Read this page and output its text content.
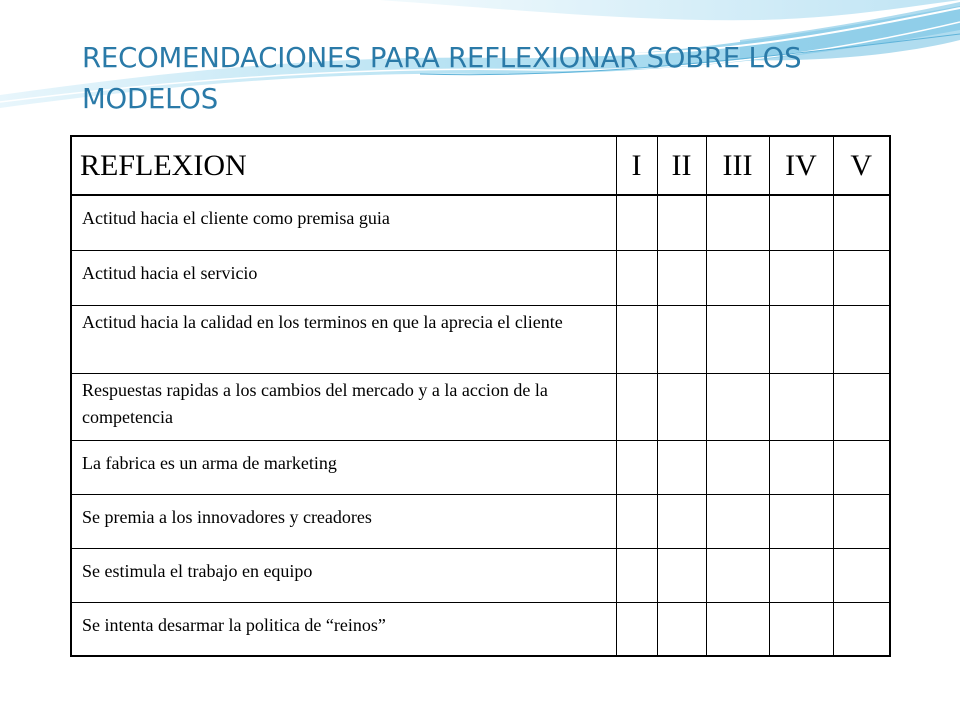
RECOMENDACIONES PARA REFLEXIONAR SOBRE LOS MODELOS
REFLEXION	I	II	III	IV	V
Actitud hacia el cliente como premisa guia					
Actitud hacia el servicio					
Actitud hacia la calidad en los terminos en que la aprecia el cliente					
Respuestas rapidas a los cambios del mercado y a la accion de la competencia					
La fabrica es un arma de marketing					
Se premia a los innovadores y creadores					
Se estimula el trabajo en equipo					
Se intenta desarmar la politica de “reinos”					
